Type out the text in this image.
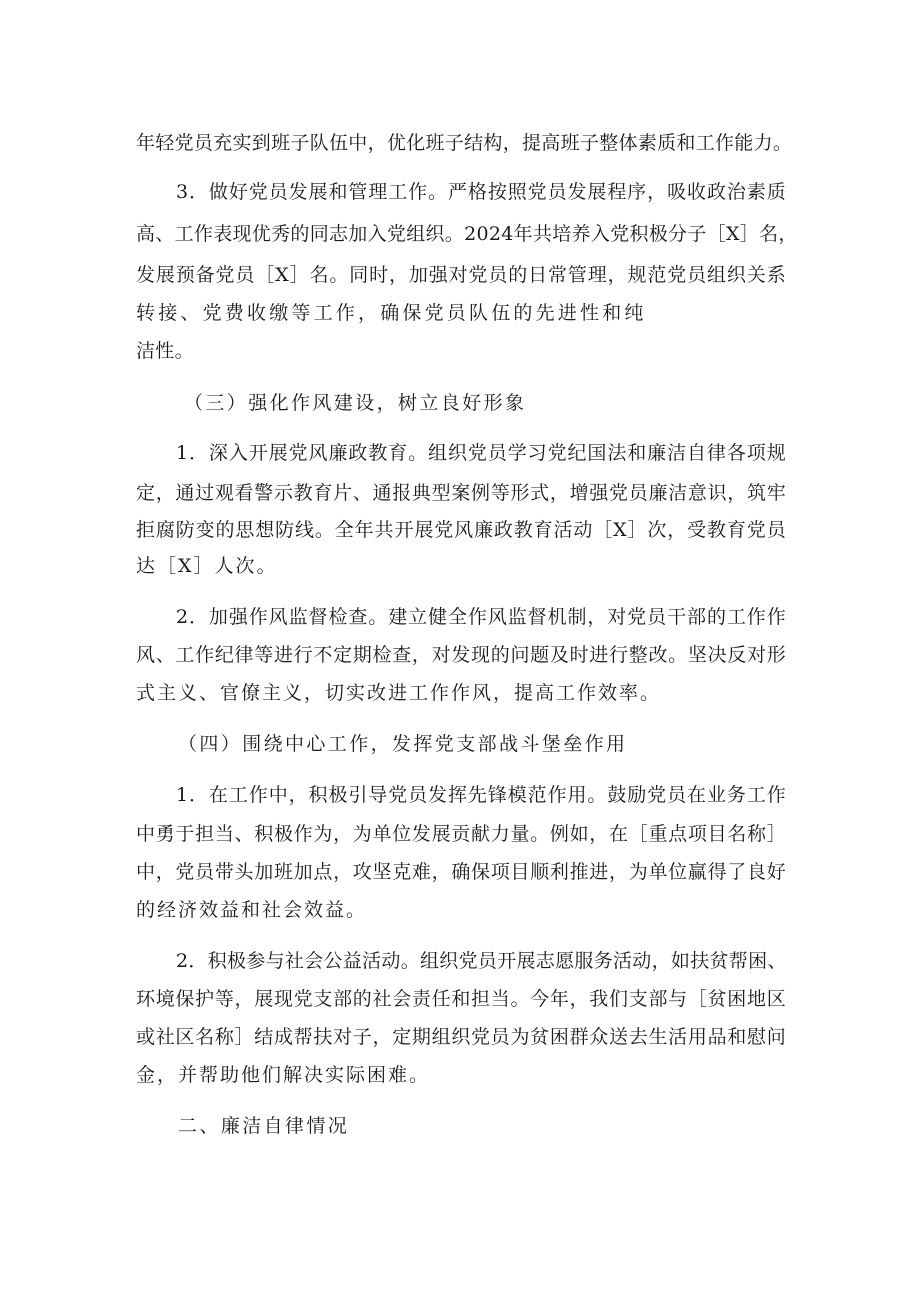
年轻党员充实到班子队伍中，优化班子结构，提高班子整体素质和工作能力。
3．做好党员发展和管理工作。严格按照党员发展程序，吸收政治素质
高、工作表现优秀的同志加入党组织。2024年共培养入党积极分子［X］名，
发展预备党员［X］名。同时，加强对党员的日常管理，规范党员组织关系
转接、党费收缴等工作，确保党员队伍的先进性和纯
洁性。
（三）强化作风建设，树立良好形象
1．深入开展党风廉政教育。组织党员学习党纪国法和廉洁自律各项规
定，通过观看警示教育片、通报典型案例等形式，增强党员廉洁意识，筑牢
拒腐防变的思想防线。全年共开展党风廉政教育活动［X］次，受教育党员
达［X］人次。
2．加强作风监督检查。建立健全作风监督机制，对党员干部的工作作
风、工作纪律等进行不定期检查，对发现的问题及时进行整改。坚决反对形
式主义、官僚主义，切实改进工作作风，提高工作效率。
（四）围绕中心工作，发挥党支部战斗堡垒作用
1．在工作中，积极引导党员发挥先锋模范作用。鼓励党员在业务工作
中勇于担当、积极作为，为单位发展贡献力量。例如，在［重点项目名称］
中，党员带头加班加点，攻坚克难，确保项目顺利推进，为单位赢得了良好
的经济效益和社会效益。
2．积极参与社会公益活动。组织党员开展志愿服务活动，如扶贫帮困、
环境保护等，展现党支部的社会责任和担当。今年，我们支部与［贫困地区
或社区名称］结成帮扶对子，定期组织党员为贫困群众送去生活用品和慰问
金，并帮助他们解决实际困难。
二、廉洁自律情况
